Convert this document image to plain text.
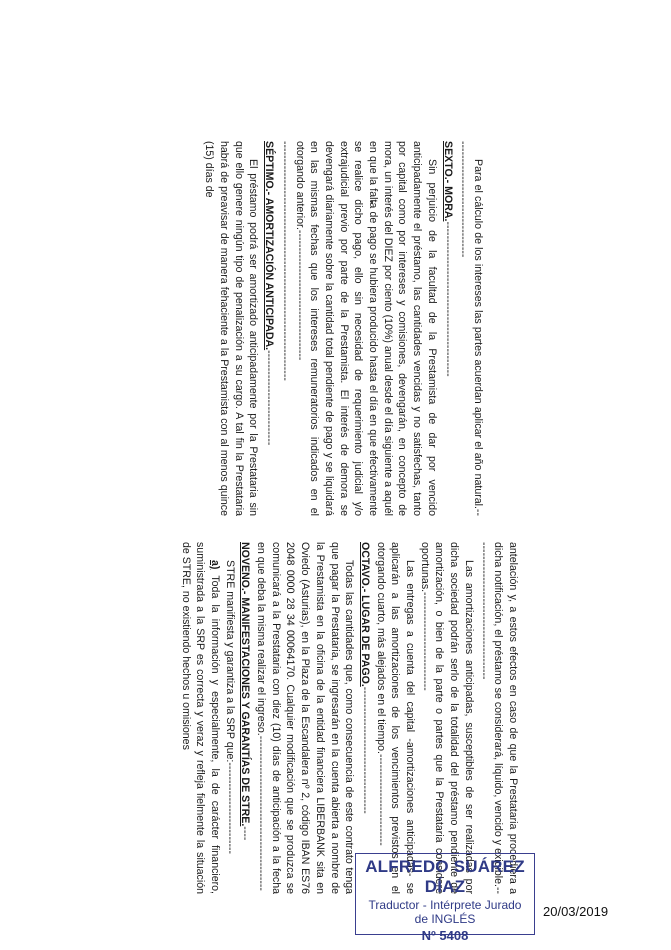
Para el cálculo de los intereses las partes acuerdan aplicar el año natural.-----------------------------------

SEXTO.- MORA.--------------------------------------------

Sin perjuicio de la facultad de la Prestamista de dar por vencido anticipadamente el préstamo, las cantidades vencidas y no satisfechas, tanto por capital como por intereses y comisiones, devengarán, en concepto de mora, un interés del DIEZ por ciento (10%) anual desde el día siguiente a aquél en que la falta de pago se hubiera producido hasta el día en que efectivamente se realice dicho pago, ello sin necesidad de requerimiento judicial y/o extrajudicial previo por parte de la Prestamista. El interés de demora se devengará diariamente sobre la cantidad total pendiente de pago y se liquidará en las mismas fechas que los intereses remuneratorios indicados en el otorgando anterior.-------------------------------------

--------------------------------------------------------------------

SÉPTIMO.- AMORTIZACIÓN ANTICIPADA.---------------------------

El préstamo podrá ser amortizado anticipadamente por la Prestataria sin que ello genere ningún tipo de penalización a su cargo. A tal fin la Prestataria habrá de preavisar de manera fehaciente a la Prestamista con al menos quince (15) días de

antelación y, a estos efectos en caso de que la Prestataria procediera a dicha notificación, el préstamo se considerará, líquido, vencido y exigible.-----------------------------------------

Las amortizaciones anticipadas, susceptibles de ser realizadas por dicha sociedad podrán serlo de la totalidad del préstamo pendiente de amortización, o bien de la parte o partes que la Prestataria considere oportunas.----------------------------

Las entregas a cuenta del capital -amortizaciones anticipadas- se aplicarán a las amortizaciones de los vencimientos previstos en el otorgando cuarto, más alejados en el tiempo.--------------------------

OCTAVO.- LUGAR DE PAGO.------------------------------------

Todas las cantidades que, como consecuencia de este contrato tenga que pagar la Prestataria, se ingresarán en la cuenta abierta a nombre de la Prestamista en la oficina de la entidad financiera LIBERBANK sita en Oviedo (Asturias), en la Plaza de la Escandalera nº 2, código IBAN ES76 2048 0000 28 34 00064170. Cualquier modificación que se produzca se comunicará a la Prestataria con diez (10) días de anticipación a la fecha en que deba la misma realizar el ingreso.--------------------------------------------

NOVENO.- MANIFESTACIONES Y GARANTÍAS DE STRE.----

STRE manifiesta y garantiza a la SRP que:--------------------------

a) Toda la información y especialmente, la de carácter financiero, suministrada a la SRP es correcta y veraz y refleja fielmente la situación de STRE, no existiendo hechos u omisiones

ALFREDO SUÁREZ DÍAZ
Traductor - Intérprete Jurado
de INGLÉS
Nº 5408
20/03/2019
